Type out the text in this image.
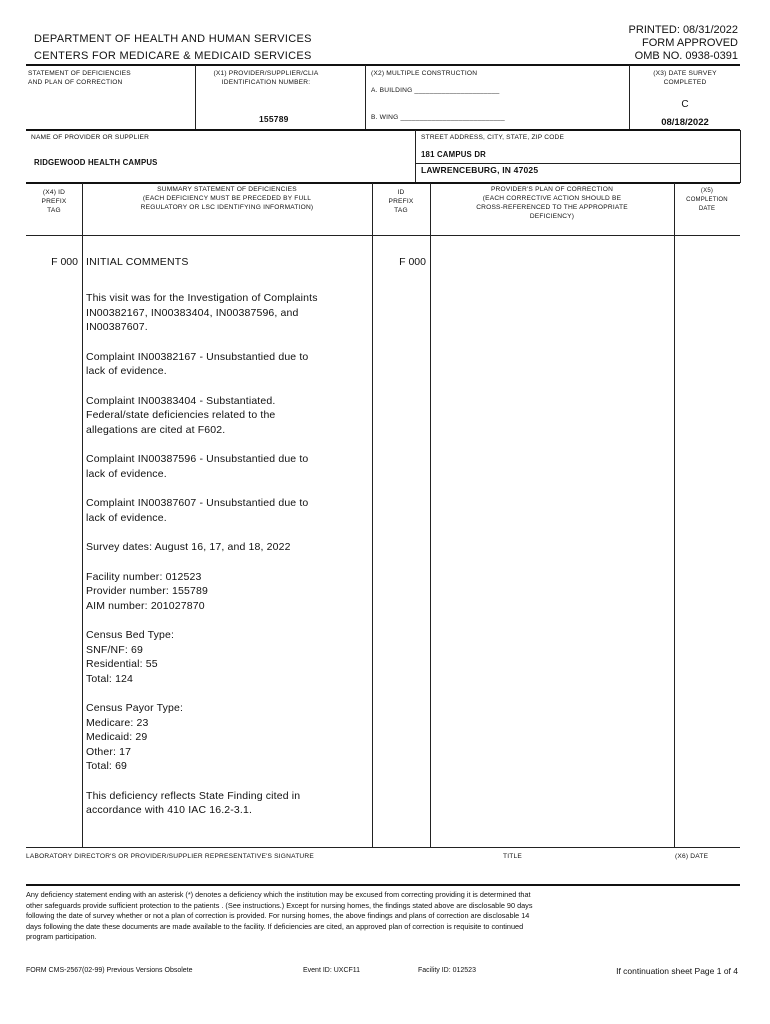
DEPARTMENT OF HEALTH AND HUMAN SERVICES
CENTERS FOR MEDICARE & MEDICAID SERVICES
PRINTED: 08/31/2022
FORM APPROVED
OMB NO. 0938-0391
STATEMENT OF DEFICIENCIES
AND PLAN OF CORRECTION
(X1) PROVIDER/SUPPLIER/CLIA
IDENTIFICATION NUMBER:
155789
(X2) MULTIPLE CONSTRUCTION
A. BUILDING ______________________
B. WING ___________________________
(X3) DATE SURVEY
COMPLETED
C
08/18/2022
NAME OF PROVIDER OR SUPPLIER
RIDGEWOOD HEALTH CAMPUS
STREET ADDRESS, CITY, STATE, ZIP CODE
181 CAMPUS DR
LAWRENCEBURG, IN 47025
(X4) ID
PREFIX
TAG
SUMMARY STATEMENT OF DEFICIENCIES
(EACH DEFICIENCY MUST BE PRECEDED BY FULL
REGULATORY OR LSC IDENTIFYING INFORMATION)
ID
PREFIX
TAG
PROVIDER'S PLAN OF CORRECTION
(EACH CORRECTIVE ACTION SHOULD BE
CROSS-REFERENCED TO THE APPROPRIATE
DEFICIENCY)
(X5)
COMPLETION
DATE
F 000 INITIAL COMMENTS	F 000

This visit was for the Investigation of Complaints
IN00382167, IN00383404, IN00387596, and
IN00387607.

Complaint IN00382167 - Unsubstantied due to
lack of evidence.

Complaint IN00383404 - Substantiated.
Federal/state deficiencies related to the
allegations are cited at F602.

Complaint IN00387596 - Unsubstantied due to
lack of evidence.

Complaint IN00387607 - Unsubstantied due to
lack of evidence.

Survey dates: August 16, 17, and 18, 2022

Facility number: 012523
Provider number: 155789
AIM number: 201027870

Census Bed Type:
SNF/NF: 69
Residential: 55
Total: 124

Census Payor Type:
Medicare: 23
Medicaid: 29
Other: 17
Total: 69

This deficiency reflects State Finding cited in
accordance with 410 IAC 16.2-3.1.

LABORATORY DIRECTOR'S OR PROVIDER/SUPPLIER REPRESENTATIVE'S SIGNATURE	TITLE	(X6) DATE
Any deficiency statement ending with an asterisk (*) denotes a deficiency which the institution may be excused from correcting providing it is determined that
other safeguards provide sufficient protection to the patients . (See instructions.) Except for nursing homes, the findings stated above are disclosable 90 days
following the date of survey whether or not a plan of correction is provided. For nursing homes, the above findings and plans of correction are disclosable 14
days following the date these documents are made available to the facility. If deficiencies are cited, an approved plan of correction is requisite to continued
program participation.
FORM CMS-2567(02-99) Previous Versions Obsolete	Event ID: UXCF11	Facility ID: 012523	If continuation sheet Page 1 of 4
